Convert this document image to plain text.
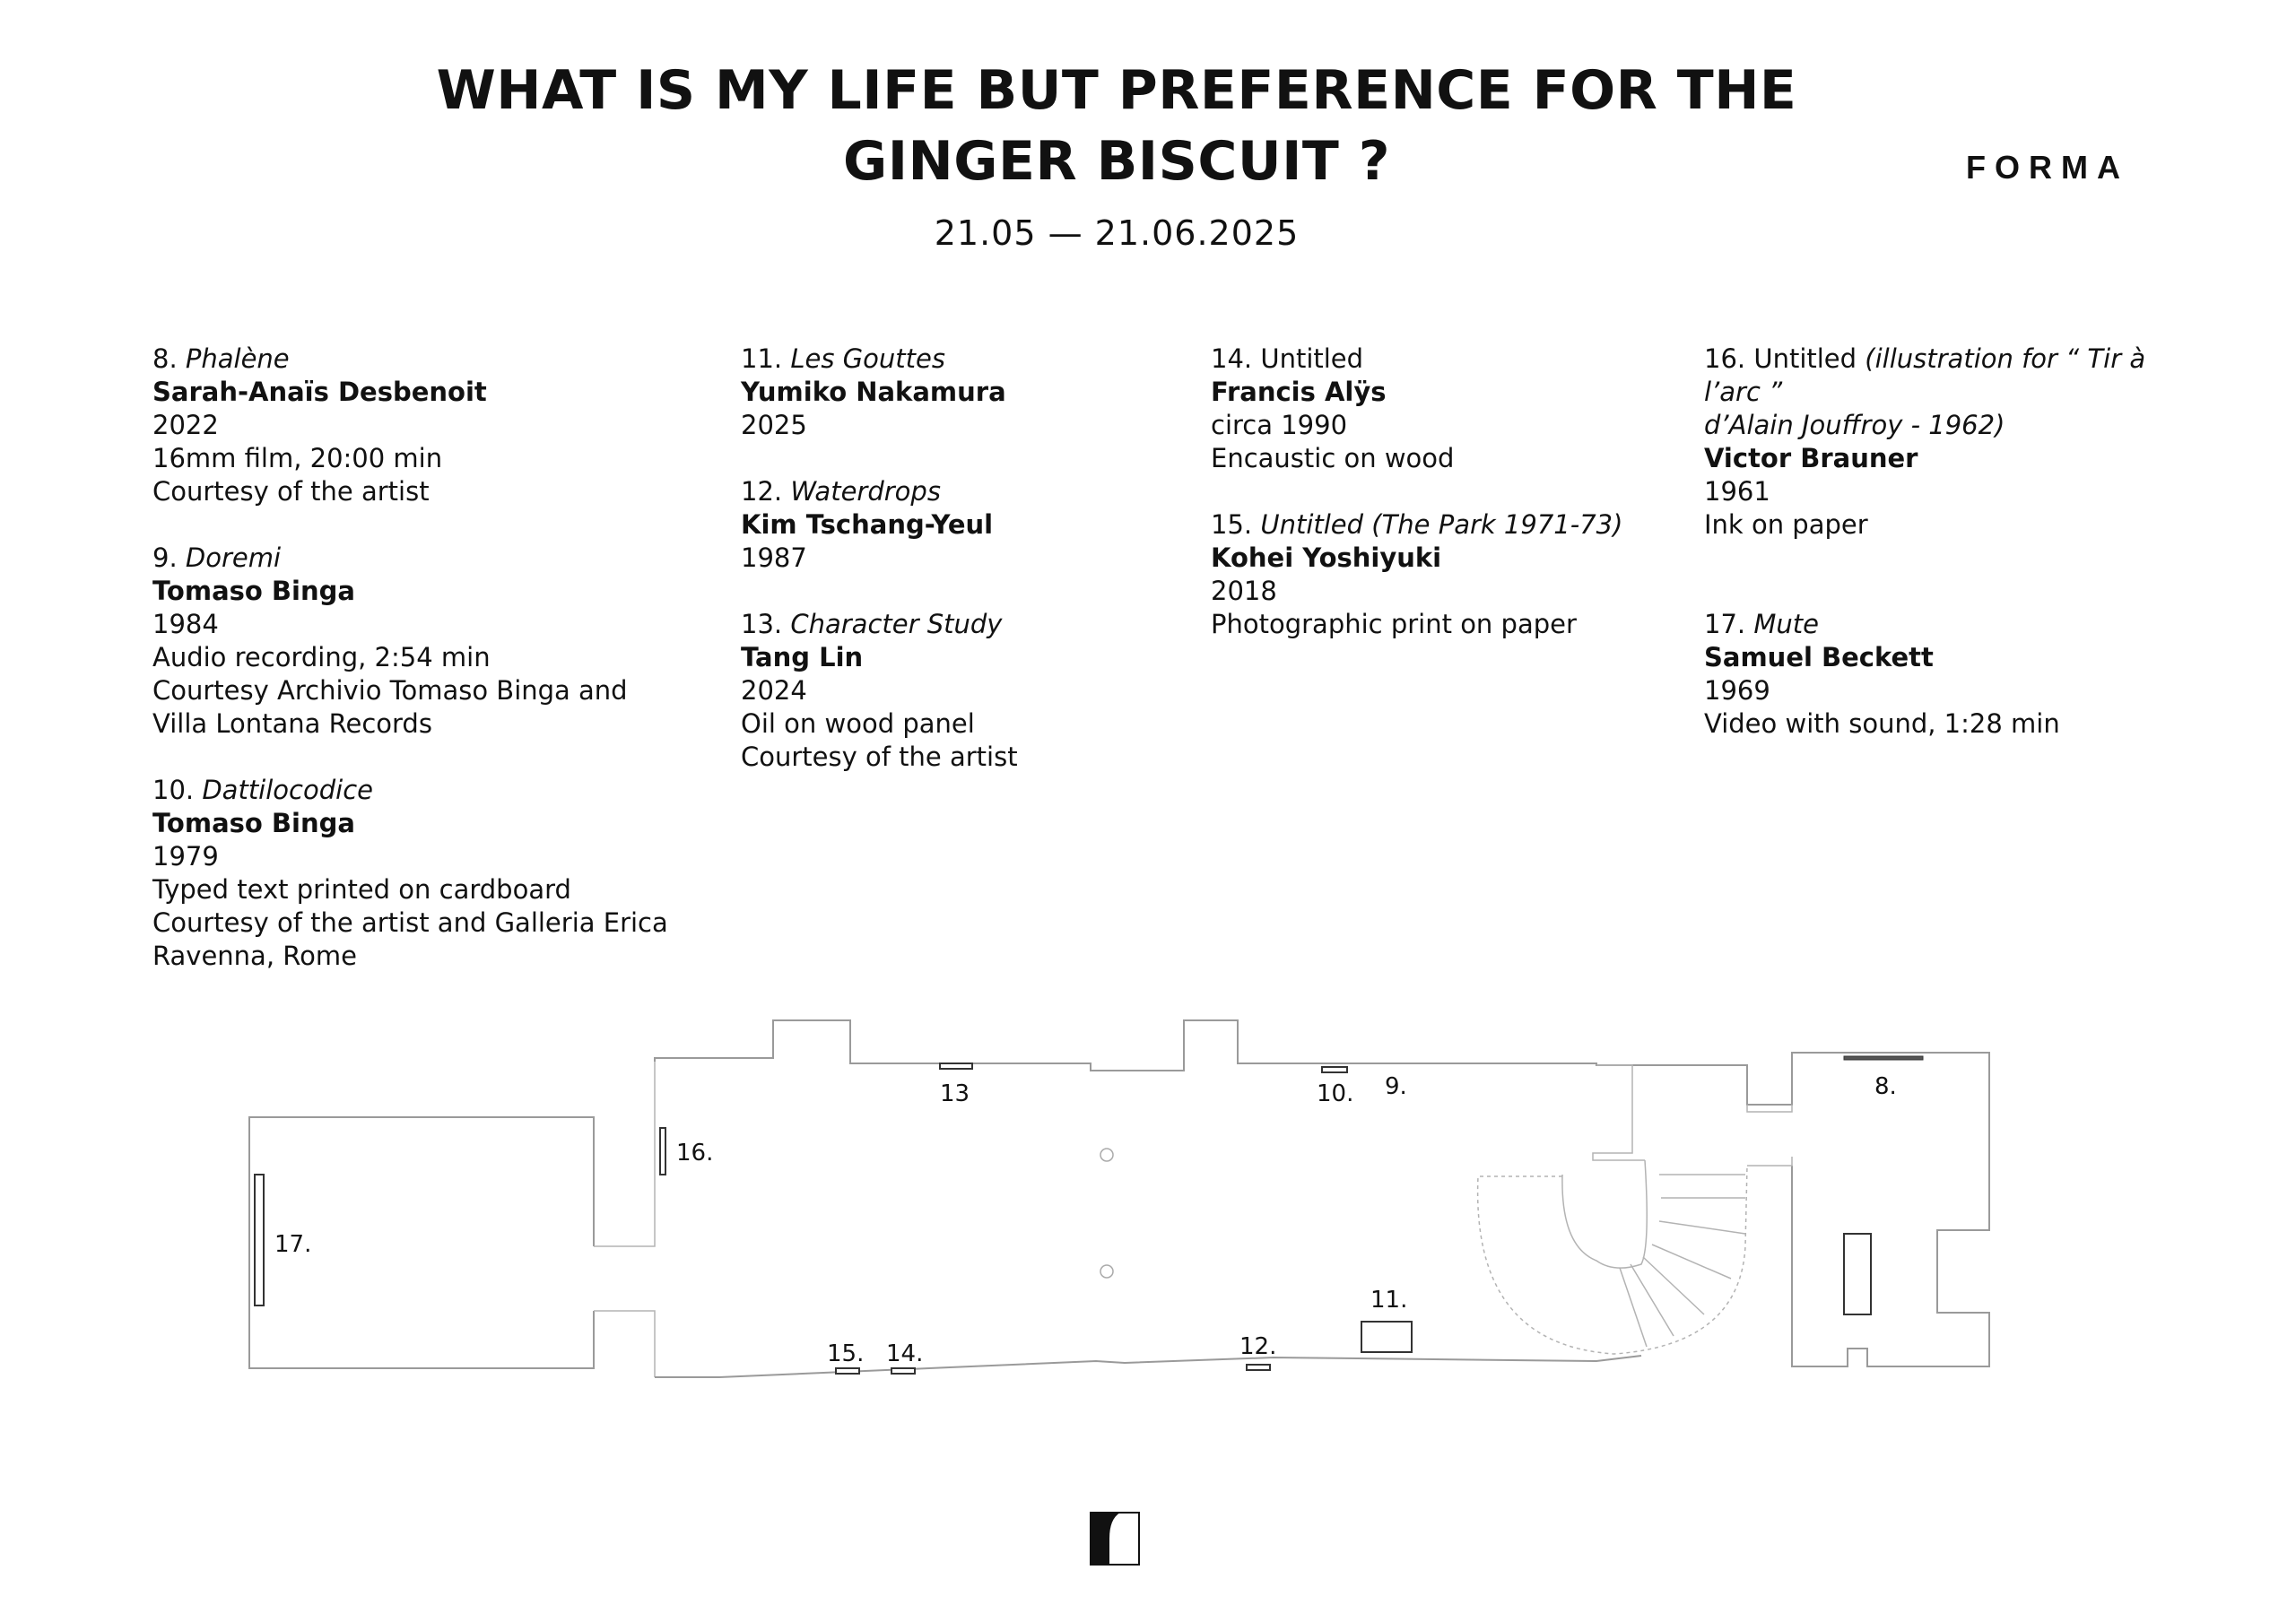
WHAT IS MY LIFE BUT PREFERENCE FOR THE
GINGER BISCUIT ?	FORMA
21.05 — 21.06.2025
8. Phalène
Sarah-Anaïs Desbenoit
2022
16mm film, 20:00 min
Courtesy of the artist
9. Doremi
Tomaso Binga
1984
Audio recording, 2:54 min
Courtesy Archivio Tomaso Binga and
Villa Lontana Records
10. Dattilocodice
Tomaso Binga
1979
Typed text printed on cardboard
Courtesy of the artist and Galleria Erica
Ravenna, Rome
11. Les Gouttes
Yumiko Nakamura
2025
12. Waterdrops
Kim Tschang-Yeul
1987
13. Character Study
Tang Lin
2024
Oil on wood panel
Courtesy of the artist
14. Untitled
Francis Alÿs
circa 1990
Encaustic on wood
15. Untitled (The Park 1971-73)
Kohei Yoshiyuki
2018
Photographic print on paper
16. Untitled (illustration for “ Tir à
l’arc ”
d’Alain Jouffroy - 1962)
Victor Brauner
1961
Ink on paper
17. Mute
Samuel Beckett
1969
Video with sound, 1:28 min
17.
16.
13	10. 9.	8.
11.
12.
15. 14.
